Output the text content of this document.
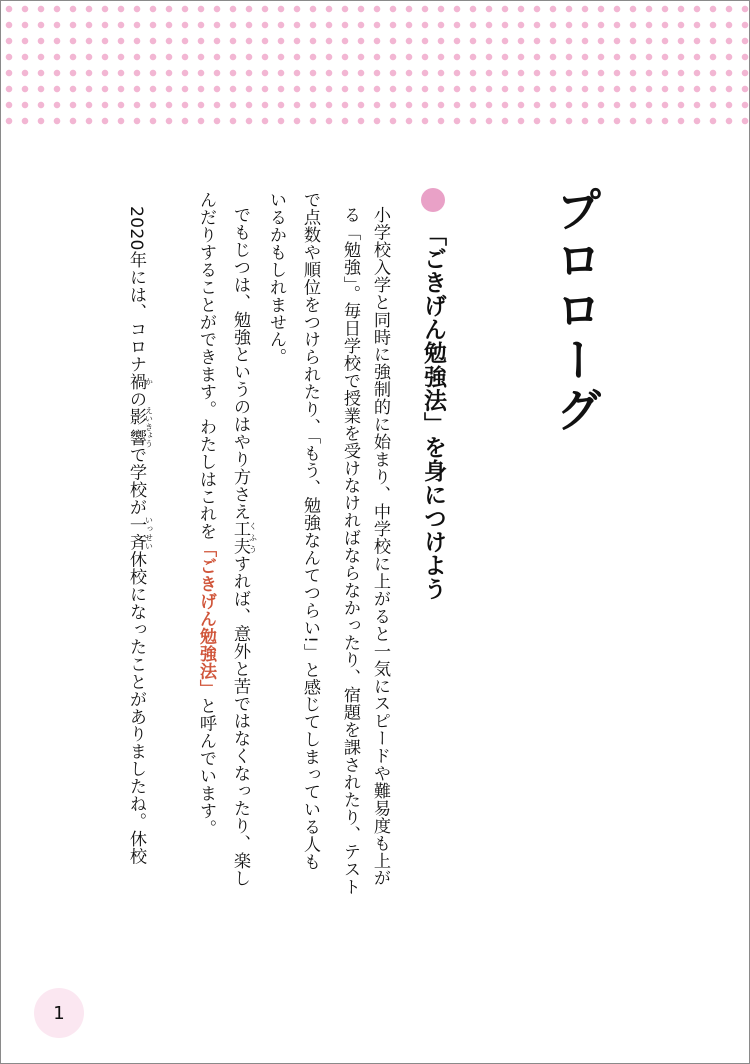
プロローグ
「ごきげん勉強法」を身につけよう
小学校入学と同時に強制的に始まり、中学校に上がると一気にスピードや難易度も上が
る「勉強」。毎日学校で授業を受けなければならなかったり、宿題を課されたり、テスト
で点数や順位をつけられたり、「もう、勉強なんてつらい!」と感じてしまっている人も
いるかもしれません。
でもじつは、勉強というのはやり方さえ工夫くふうすれば、意外と苦ではなくなったり、楽し
んだりすることができます。わたしはこれを「ごきげん勉強法」と呼んでいます。
2020年には、コロナ禍かの影響えいきょうで学校が一斉いっせい休校になったことがありましたね。休校
1
